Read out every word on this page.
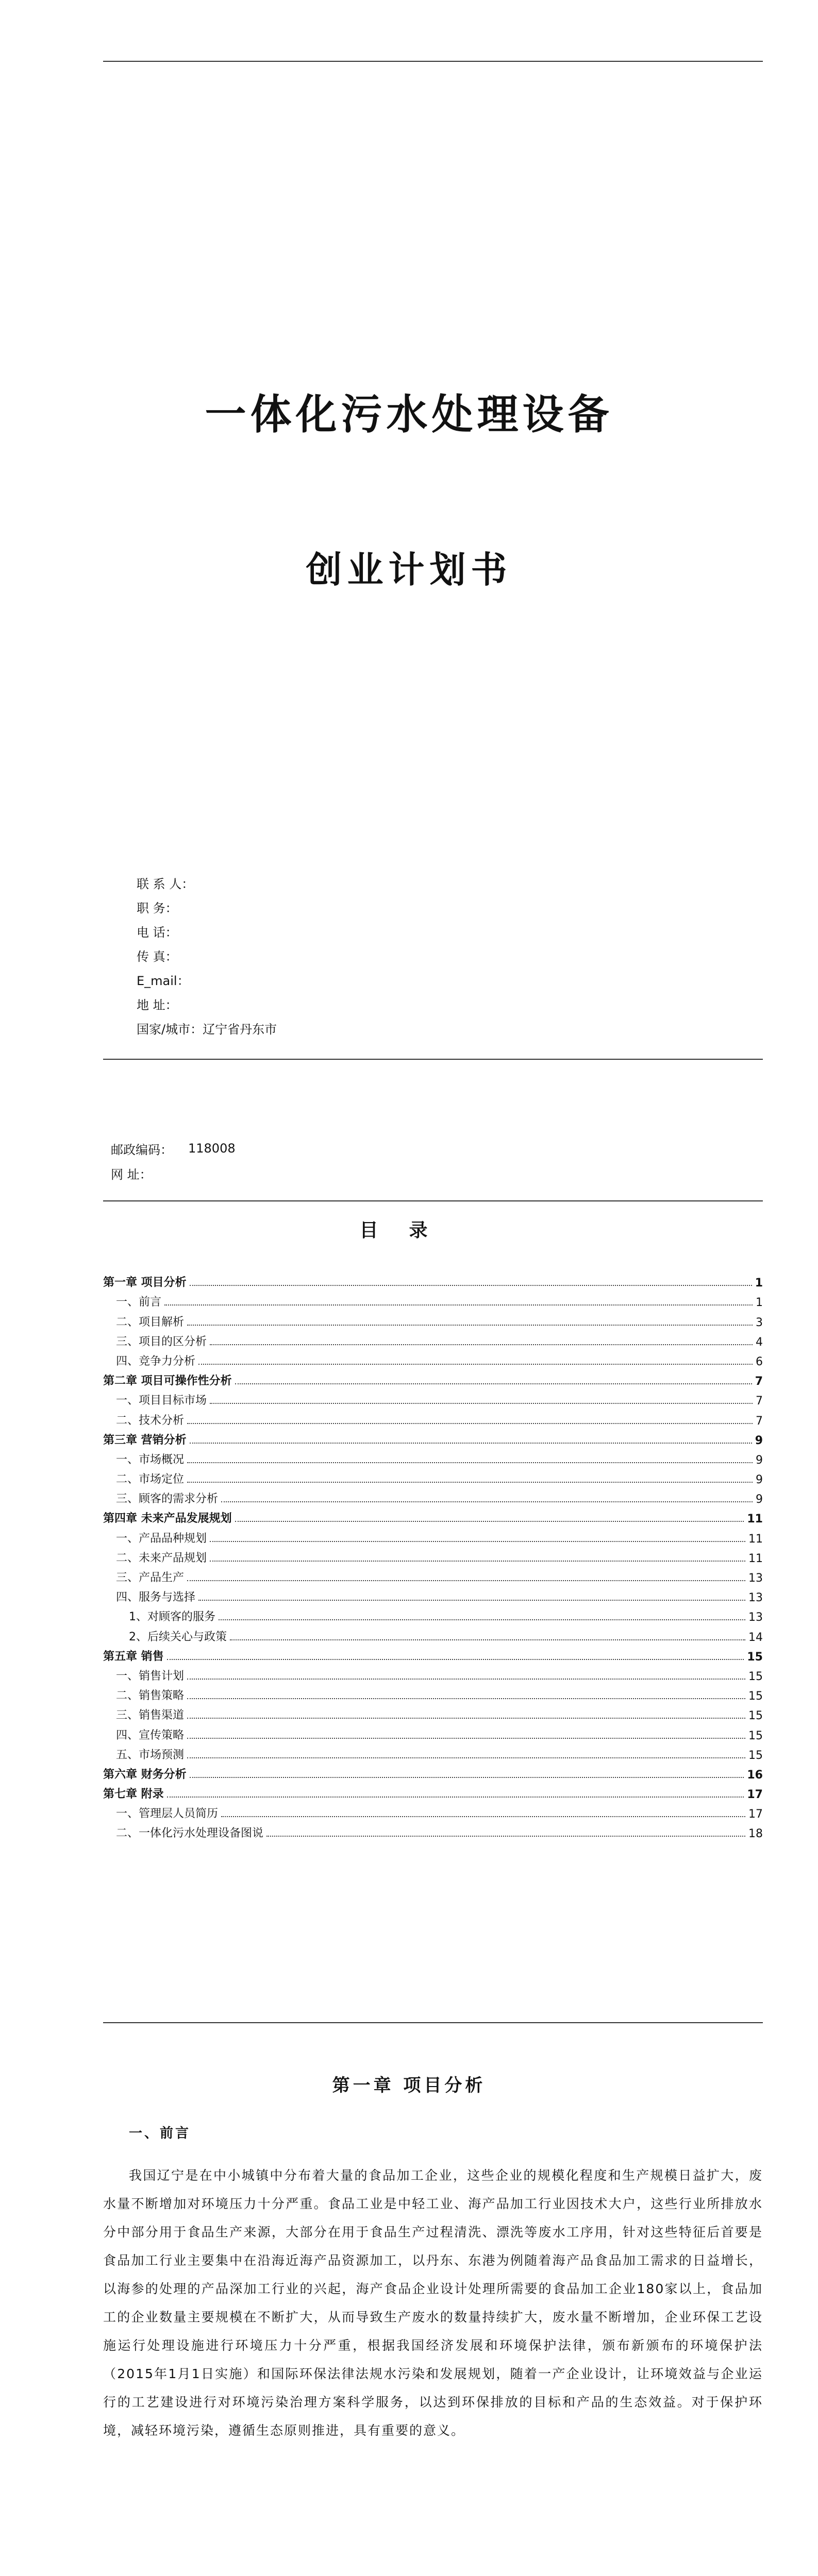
一体化污水处理设备
创业计划书
联 系 人：
职 务：
电 话：
传 真：
E_mail：
地 址：
国家/城市： 辽宁省丹东市
邮政编码：	118008
网 址：
目录
第一章 项目分析	1
一、前言	1
二、项目解析	3
三、项目的区分析	4
四、竞争力分析	6
第二章 项目可操作性分析	7
一、项目目标市场	7
二、技术分析	7
第三章 营销分析	9
一、市场概况	9
二、市场定位	9
三、顾客的需求分析	9
第四章 未来产品发展规划	11
一、产品品种规划	11
二、未来产品规划	11
三、产品生产	13
四、服务与选择	13
1、对顾客的服务	13
2、后续关心与政策	14
第五章 销售	15
一、销售计划	15
二、销售策略	15
三、销售渠道	15
四、宣传策略	15
五、市场预测	15
第六章 财务分析	16
第七章 附录	17
一、管理层人员简历	17
二、一体化污水处理设备图说	18
第一章 项目分析
一、前言
我国辽宁是在中小城镇中分布着大量的食品加工企业，这些企业的规模化程度和生产规模日益扩大，废水量不断增加对环境压力十分严重。食品工业是中轻工业、海产品加工行业因技术大户，这些行业所排放水分中部分用于食品生产来源，大部分在用于食品生产过程清洗、漂洗等废水工序用，针对这些特征后首要是食品加工行业主要集中在沿海近海产品资源加工，以丹东、东港为例随着海产品食品加工需求的日益增长，以海参的处理的产品深加工行业的兴起，海产食品企业设计处理所需要的食品加工企业180家以上，食品加工的企业数量主要规模在不断扩大，从而导致生产废水的数量持续扩大，废水量不断增加，企业环保工艺设施运行处理设施进行环境压力十分严重，根据我国经济发展和环境保护法律，颁布新颁布的环境保护法（2015年1月1日实施）和国际环保法律法规水污染和发展规划，随着一产企业设计，让环境效益与企业运行的工艺建设进行对环境污染治理方案科学服务，以达到环保排放的目标和产品的生态效益。对于保护环境，减轻环境污染，遵循生态原则推进，具有重要的意义。
